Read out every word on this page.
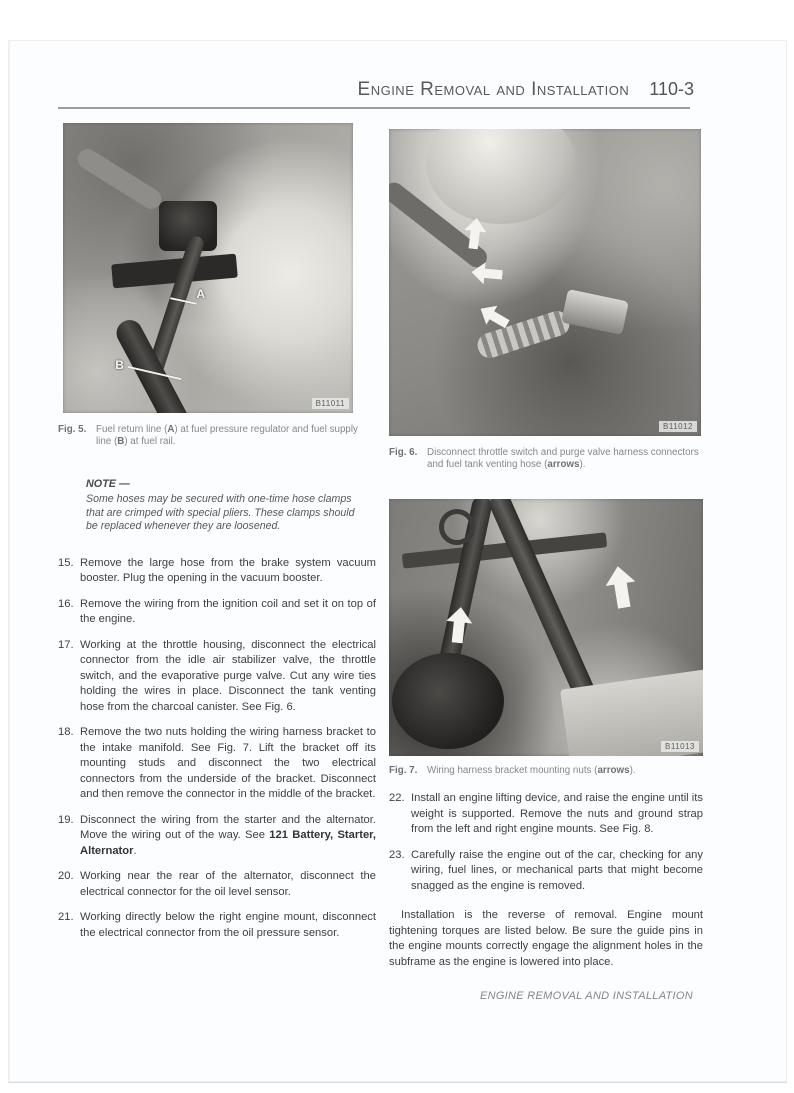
Engine Removal and Installation 110-3
A
B
B11011
Fig. 5. Fuel return line (A) at fuel pressure regulator and fuel supply line (B) at fuel rail.
NOTE —
Some hoses may be secured with one-time hose clamps that are crimped with special pliers. These clamps should be replaced whenever they are loosened.
15. Remove the large hose from the brake system vacuum booster. Plug the opening in the vacuum booster.
16. Remove the wiring from the ignition coil and set it on top of the engine.
17. Working at the throttle housing, disconnect the electrical connector from the idle air stabilizer valve, the throttle switch, and the evaporative purge valve. Cut any wire ties holding the wires in place. Disconnect the tank venting hose from the charcoal canister. See Fig. 6.
18. Remove the two nuts holding the wiring harness bracket to the intake manifold. See Fig. 7. Lift the bracket off its mounting studs and disconnect the two electrical connectors from the underside of the bracket. Disconnect and then remove the connector in the middle of the bracket.
19. Disconnect the wiring from the starter and the alternator. Move the wiring out of the way. See 121 Battery, Starter, Alternator.
20. Working near the rear of the alternator, disconnect the electrical connector for the oil level sensor.
21. Working directly below the right engine mount, disconnect the electrical connector from the oil pressure sensor.
B11012
Fig. 6. Disconnect throttle switch and purge valve harness connectors and fuel tank venting hose (arrows).
B11013
Fig. 7. Wiring harness bracket mounting nuts (arrows).
22. Install an engine lifting device, and raise the engine until its weight is supported. Remove the nuts and ground strap from the left and right engine mounts. See Fig. 8.
23. Carefully raise the engine out of the car, checking for any wiring, fuel lines, or mechanical parts that might become snagged as the engine is removed.
Installation is the reverse of removal. Engine mount tightening torques are listed below. Be sure the guide pins in the engine mounts correctly engage the alignment holes in the subframe as the engine is lowered into place.
ENGINE REMOVAL AND INSTALLATION
